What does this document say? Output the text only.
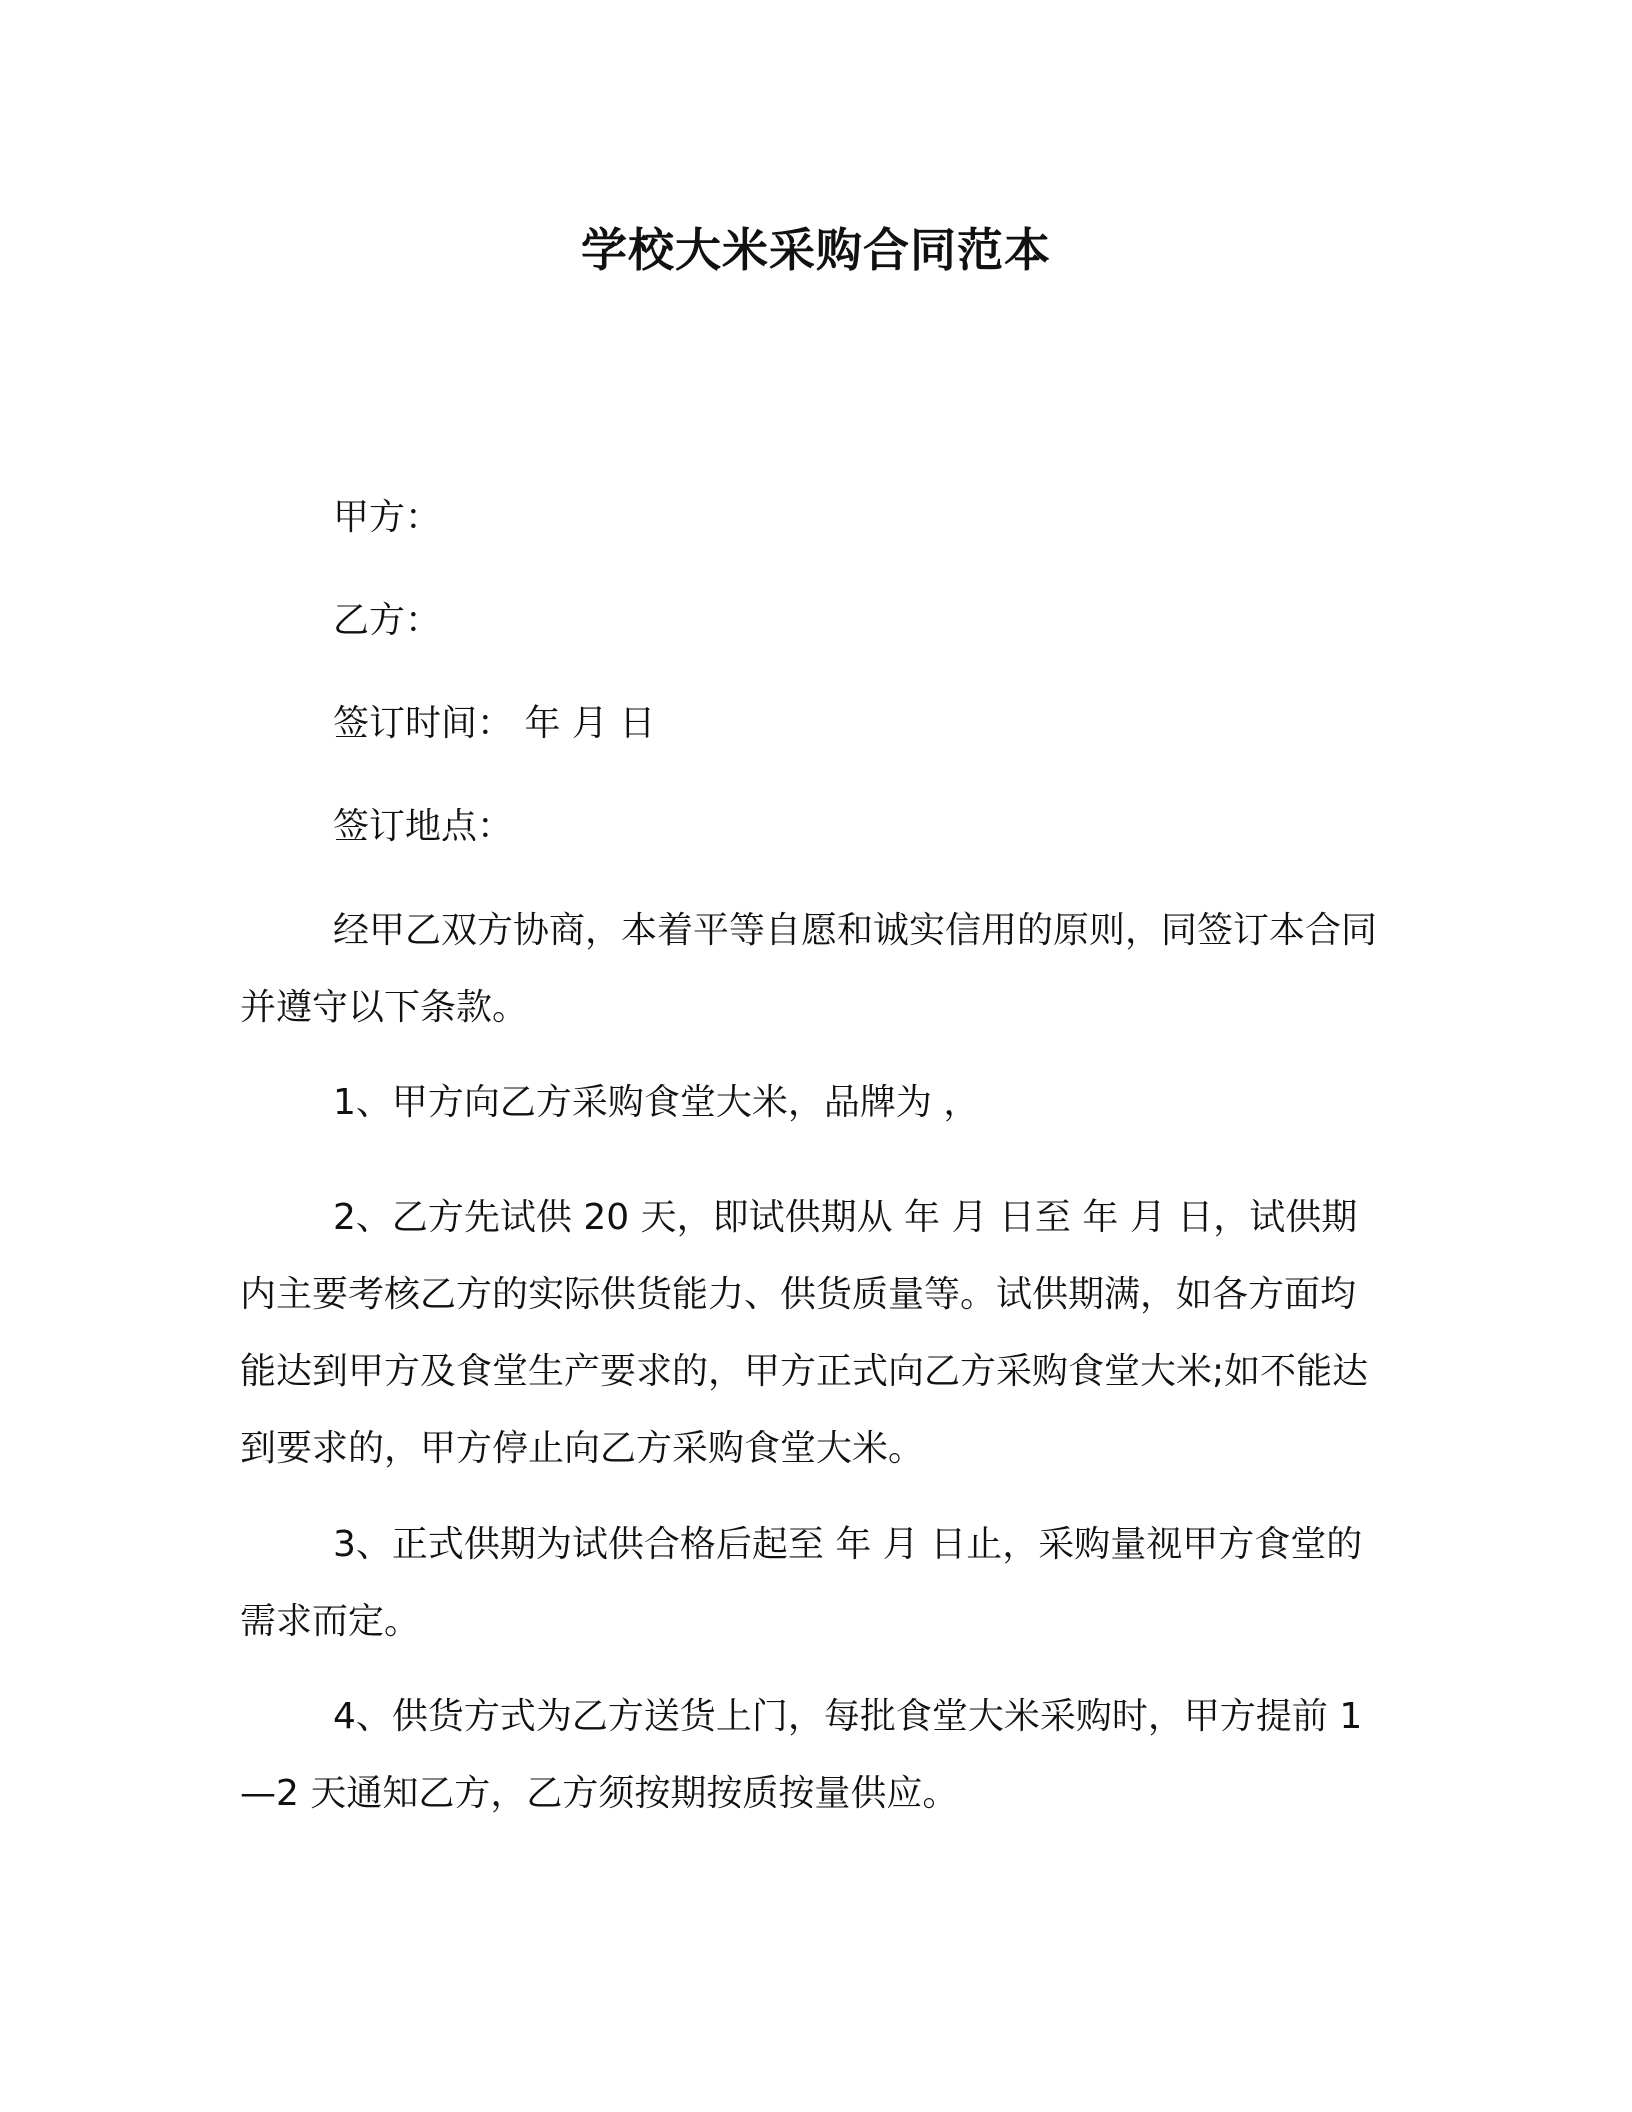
学校大米采购合同范本
甲方：
乙方：
签订时间： 年 月 日
签订地点：

经甲乙双方协商，本着平等自愿和诚实信用的原则，同签订本合同并遵守以下条款。

1、甲方向乙方采购食堂大米，品牌为 ，

2、乙方先试供 20 天，即试供期从 年 月 日至 年 月 日，试供期内主要考核乙方的实际供货能力、供货质量等。试供期满，如各方面均能达到甲方及食堂生产要求的，甲方正式向乙方采购食堂大米;如不能达到要求的，甲方停止向乙方采购食堂大米。

3、正式供期为试供合格后起至 年 月 日止，采购量视甲方食堂的需求而定。

4、供货方式为乙方送货上门，每批食堂大米采购时，甲方提前 1—2 天通知乙方，乙方须按期按质按量供应。
